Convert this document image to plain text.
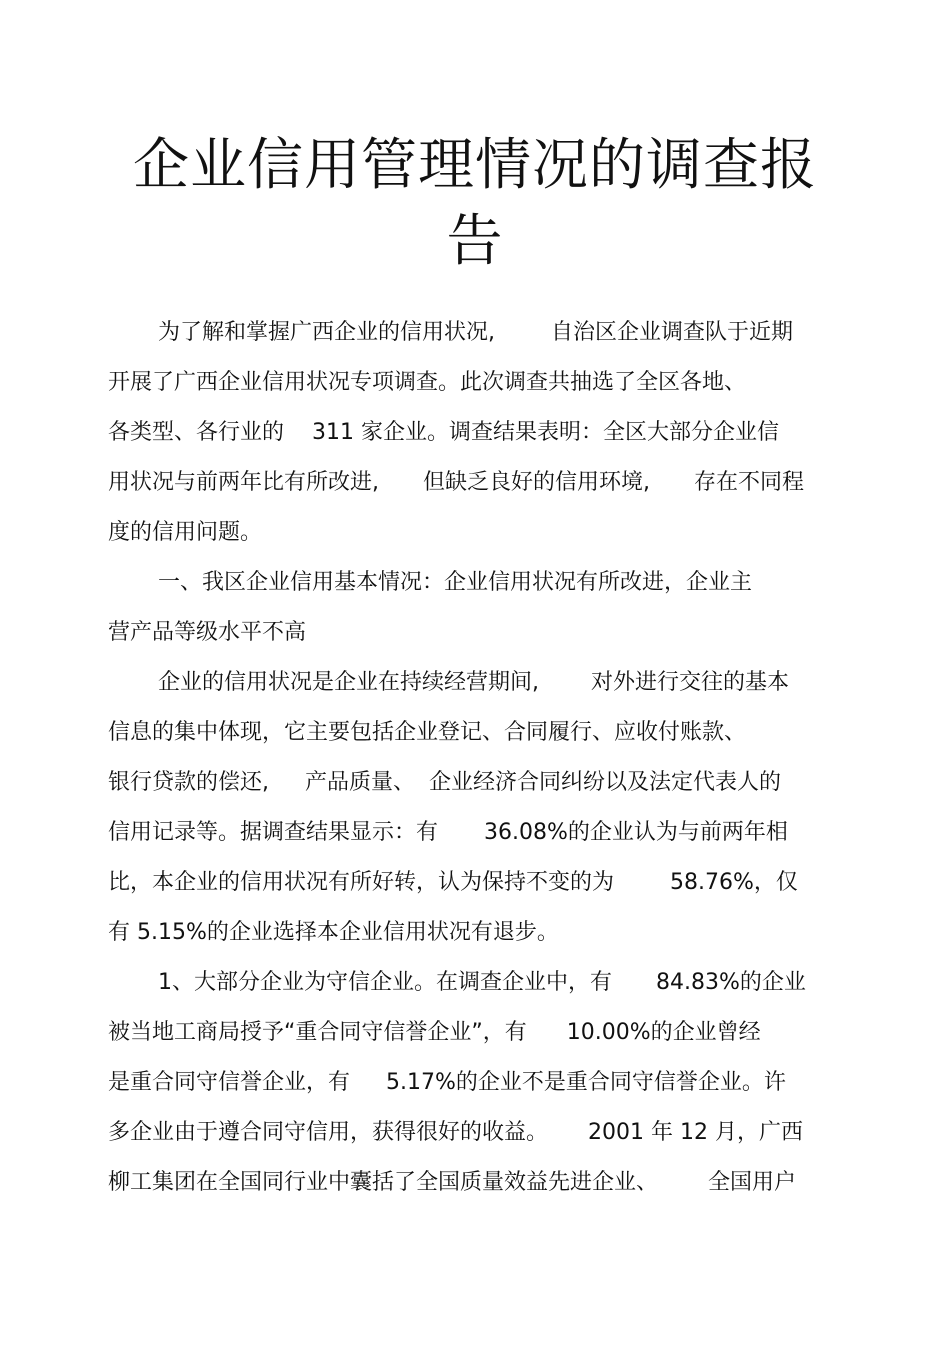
企业信用管理情况的调查报
告
为了解和掌握广西企业的信用状况,	自治区企业调查队于近期
开展了广西企业信用状况专项调查。此次调查共抽选了全区各地、
各类型、各行业的 311 家企业。调查结果表明：全区大部分企业信
用状况与前两年比有所改进, 但缺乏良好的信用环境, 存在不同程
度的信用问题。
一、我区企业信用基本情况：企业信用状况有所改进，企业主
营产品等级水平不高
企业的信用状况是企业在持续经营期间, 对外进行交往的基本
信息的集中体现，它主要包括企业登记、合同履行、应收付账款、
银行贷款的偿还, 产品质量、 企业经济合同纠纷以及法定代表人的
信用记录等。据调查结果显示：有 36.08%的企业认为与前两年相
比，本企业的信用状况有所好转，认为保持不变的为	58.76%，仅
有 5.15%的企业选择本企业信用状况有退步。
1、大部分企业为守信企业。在调查企业中，有 84.83%的企业
被当地工商局授予“重合同守信誉企业”，有 10.00%的企业曾经
是重合同守信誉企业，有 5.17%的企业不是重合同守信誉企业。许
多企业由于遵合同守信用，获得很好的收益。 2001 年 12 月，广西
柳工集团在全国同行业中囊括了全国质量效益先进企业、 全国用户
